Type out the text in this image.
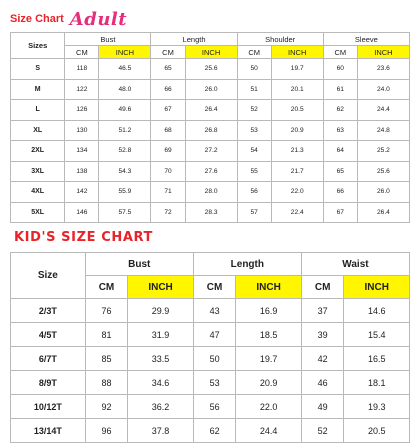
Size Chart Adult
Sizes	Bust		Length		Shoulder		Sleeve	
	CM	INCH	CM	INCH	CM	INCH	CM	INCH
S	118	46.5	65	25.6	50	19.7	60	23.6
M	122	48.0	66	26.0	51	20.1	61	24.0
L	126	49.6	67	26.4	52	20.5	62	24.4
XL	130	51.2	68	26.8	53	20.9	63	24.8
2XL	134	52.8	69	27.2	54	21.3	64	25.2
3XL	138	54.3	70	27.6	55	21.7	65	25.6
4XL	142	55.9	71	28.0	56	22.0	66	26.0
5XL	146	57.5	72	28.3	57	22.4	67	26.4
KID'S SIZE CHART
Size	Bust		Length		Waist	
	CM	INCH	CM	INCH	CM	INCH
2/3T	76	29.9	43	16.9	37	14.6
4/5T	81	31.9	47	18.5	39	15.4
6/7T	85	33.5	50	19.7	42	16.5
8/9T	88	34.6	53	20.9	46	18.1
10/12T	92	36.2	56	22.0	49	19.3
13/14T	96	37.8	62	24.4	52	20.5
